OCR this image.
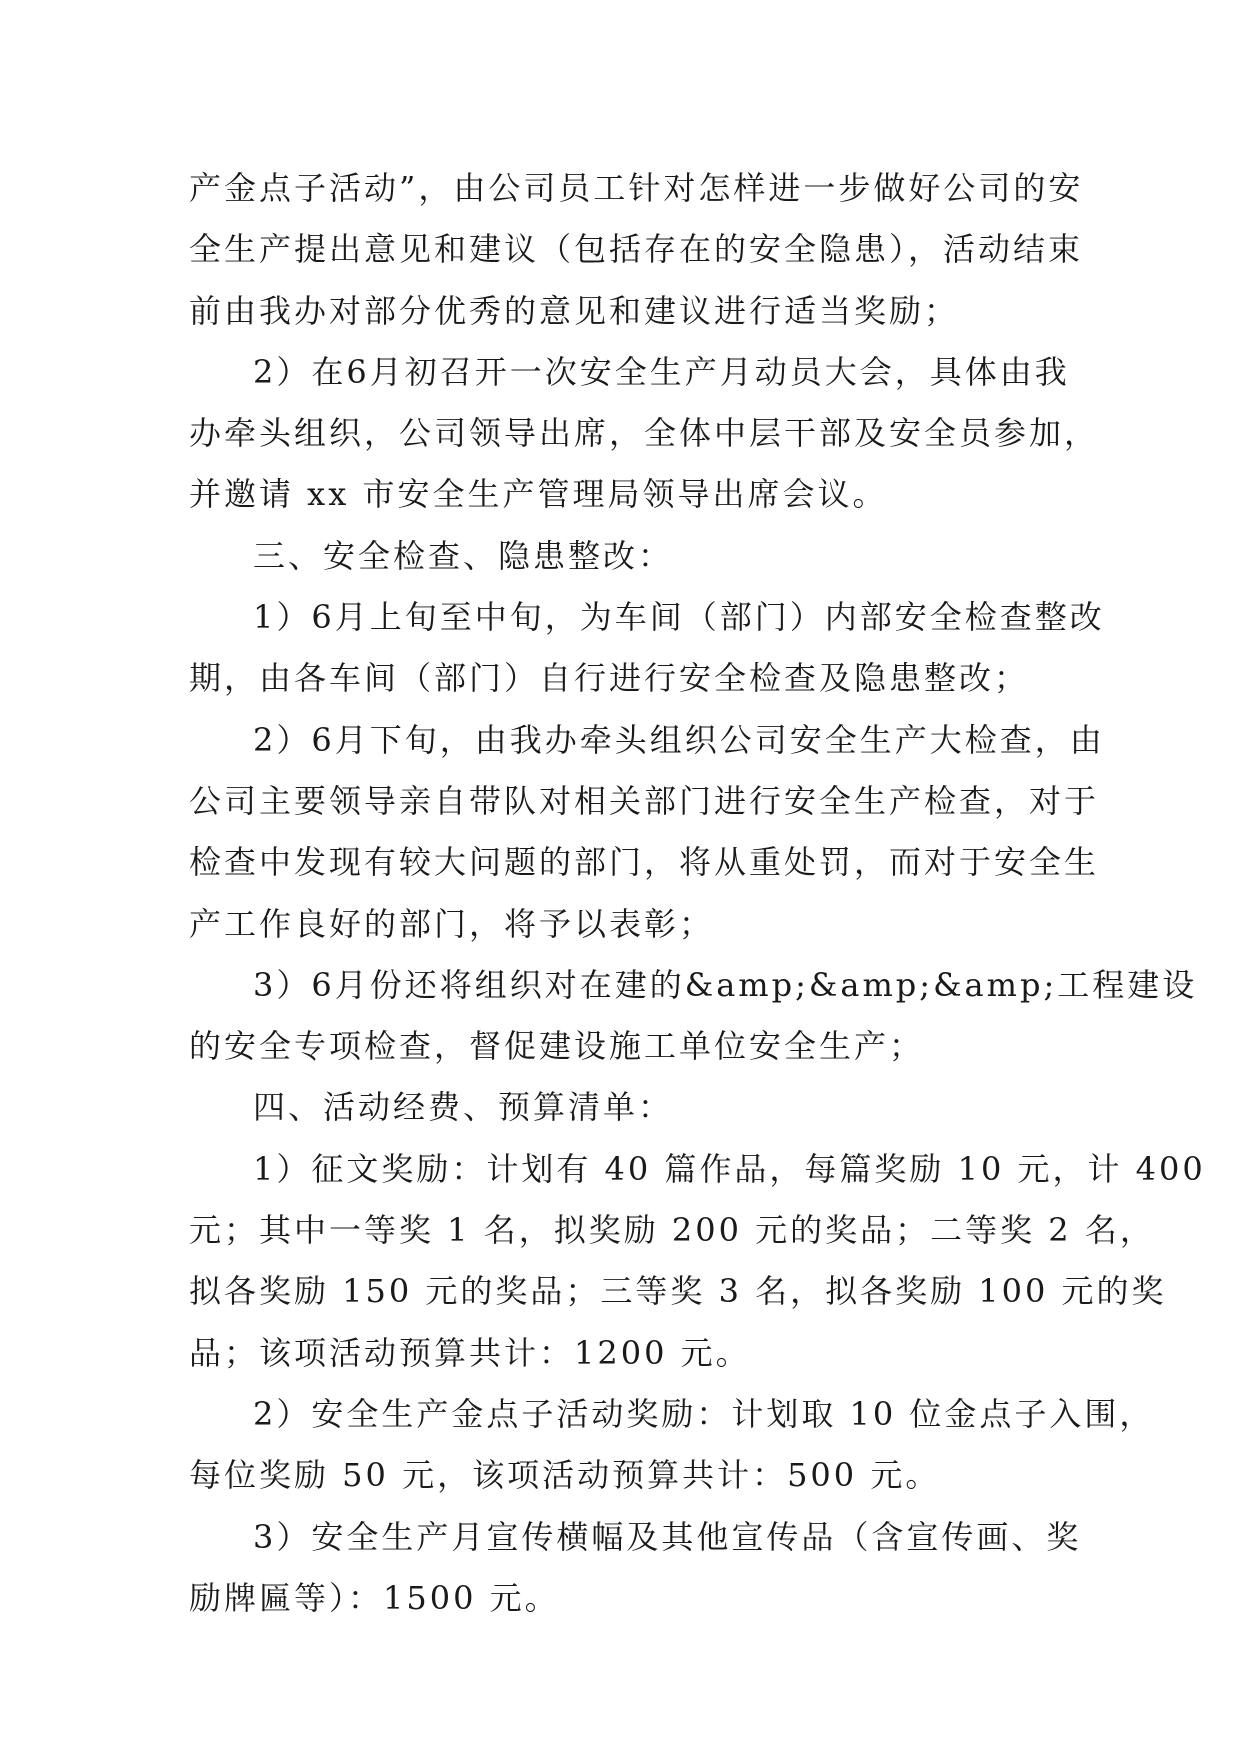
产金点子活动”，由公司员工针对怎样进一步做好公司的安
全生产提出意见和建议（包括存在的安全隐患），活动结束
前由我办对部分优秀的意见和建议进行适当奖励；
2）在6月初召开一次安全生产月动员大会，具体由我
办牵头组织，公司领导出席，全体中层干部及安全员参加，
并邀请 xx 市安全生产管理局领导出席会议。
三、安全检查、隐患整改：
1）6月上旬至中旬，为车间（部门）内部安全检查整改
期，由各车间（部门）自行进行安全检查及隐患整改；
2）6月下旬，由我办牵头组织公司安全生产大检查，由
公司主要领导亲自带队对相关部门进行安全生产检查，对于
检查中发现有较大问题的部门，将从重处罚，而对于安全生
产工作良好的部门，将予以表彰；
3）6月份还将组织对在建的&amp;&amp;&amp;工程建设
的安全专项检查，督促建设施工单位安全生产；
四、活动经费、预算清单：
1）征文奖励：计划有 40 篇作品，每篇奖励 10 元，计 400
元；其中一等奖 1 名，拟奖励 200 元的奖品；二等奖 2 名，
拟各奖励 150 元的奖品；三等奖 3 名，拟各奖励 100 元的奖
品；该项活动预算共计：1200 元。
2）安全生产金点子活动奖励：计划取 10 位金点子入围，
每位奖励 50 元，该项活动预算共计：500 元。
3）安全生产月宣传横幅及其他宣传品（含宣传画、奖
励牌匾等）：1500 元。
